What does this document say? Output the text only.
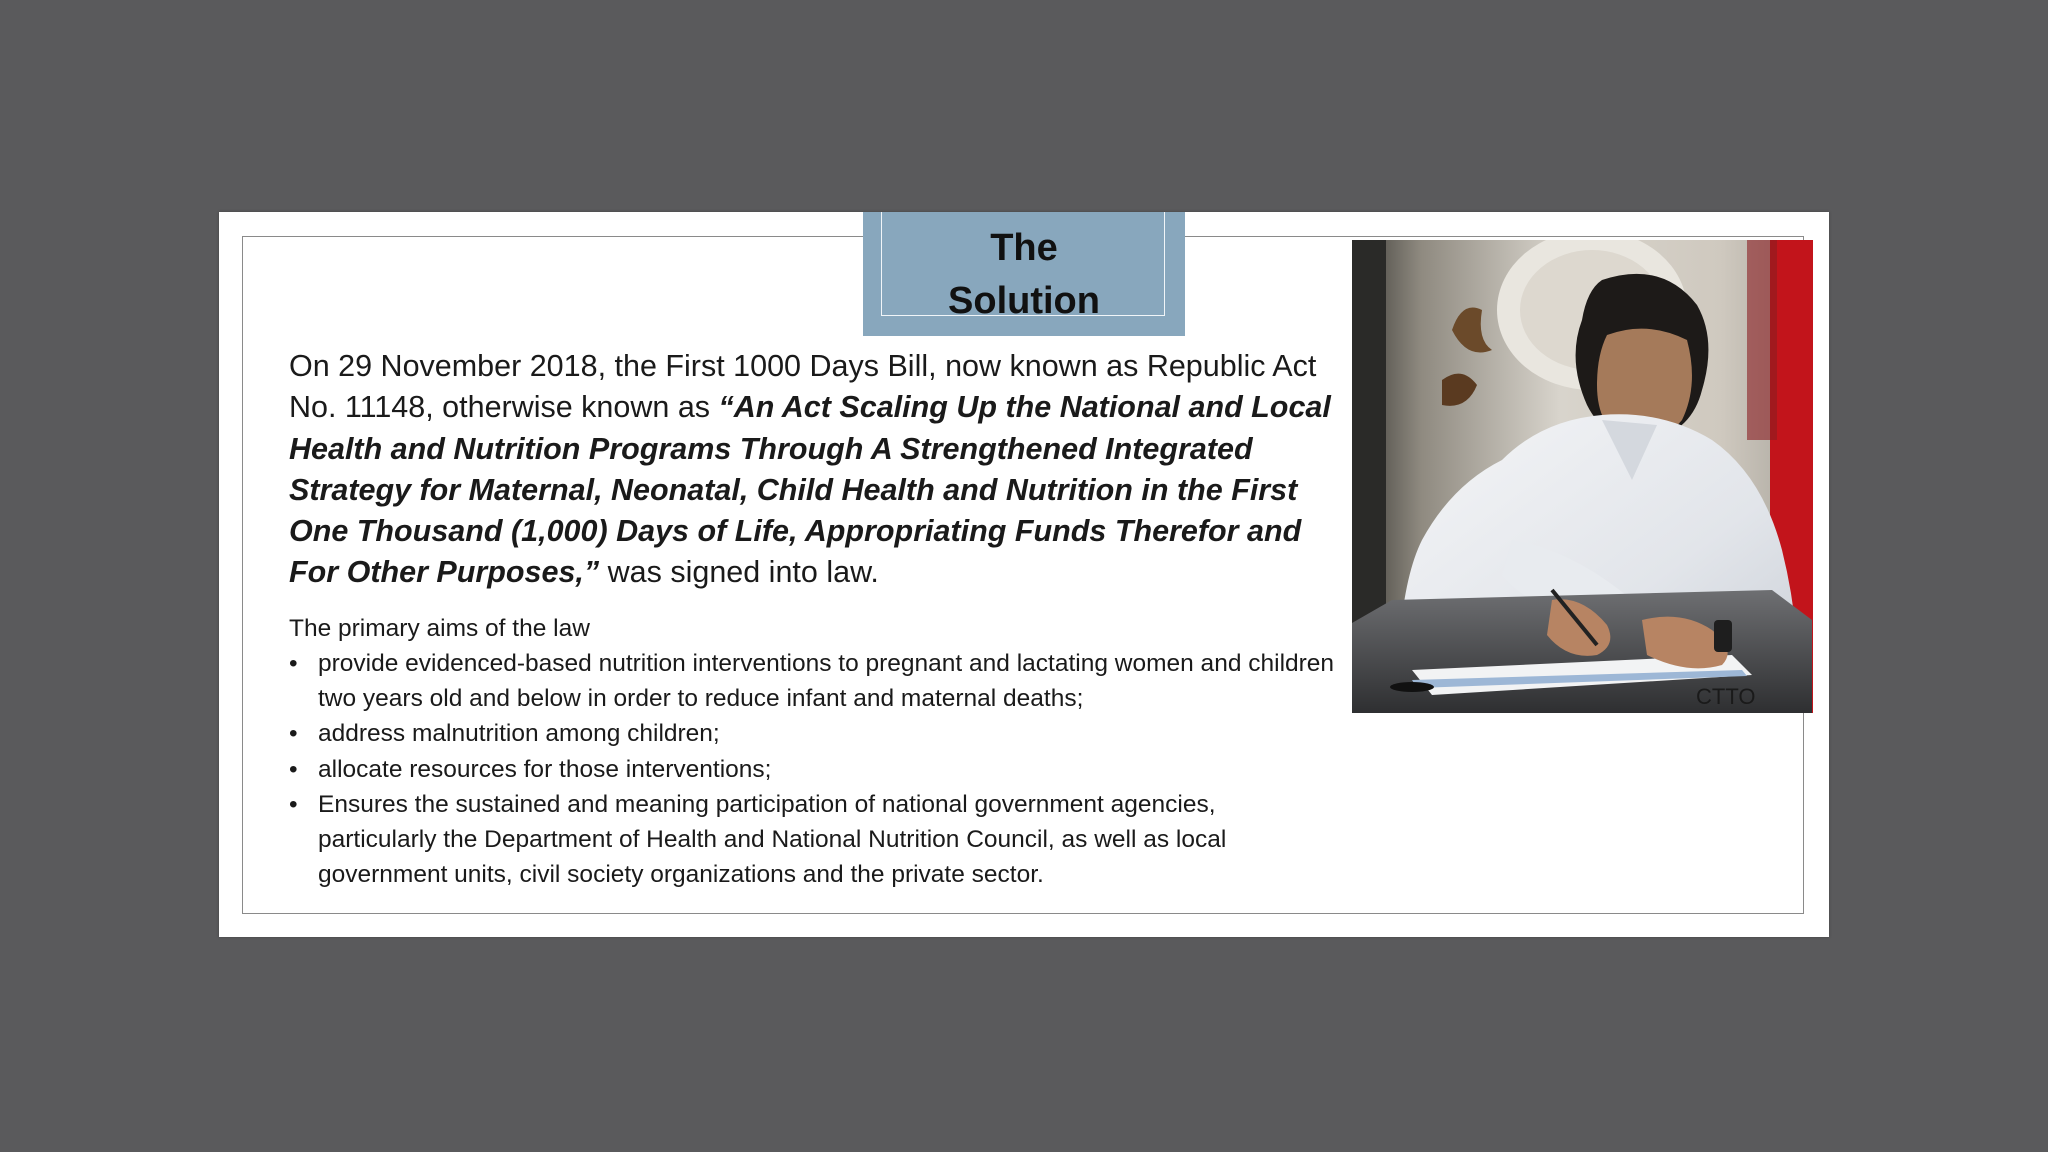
The
Solution
On 29 November 2018, the First 1000 Days Bill, now known as Republic Act No. 11148, otherwise known as “An Act Scaling Up the National and Local Health and Nutrition Programs Through A Strengthened Integrated Strategy for Maternal, Neonatal, Child Health and Nutrition in the First One Thousand (1,000) Days of Life, Appropriating Funds Therefor and For Other Purposes,” was signed into law.
The primary aims of the law
• provide evidenced-based nutrition interventions to pregnant and lactating women and children two years old and below in order to reduce infant and maternal deaths;
• address malnutrition among children;
• allocate resources for those interventions;
• Ensures the sustained and meaning participation of national government agencies, particularly the Department of Health and National Nutrition Council, as well as local government units, civil society organizations and the private sector.
CTTO
